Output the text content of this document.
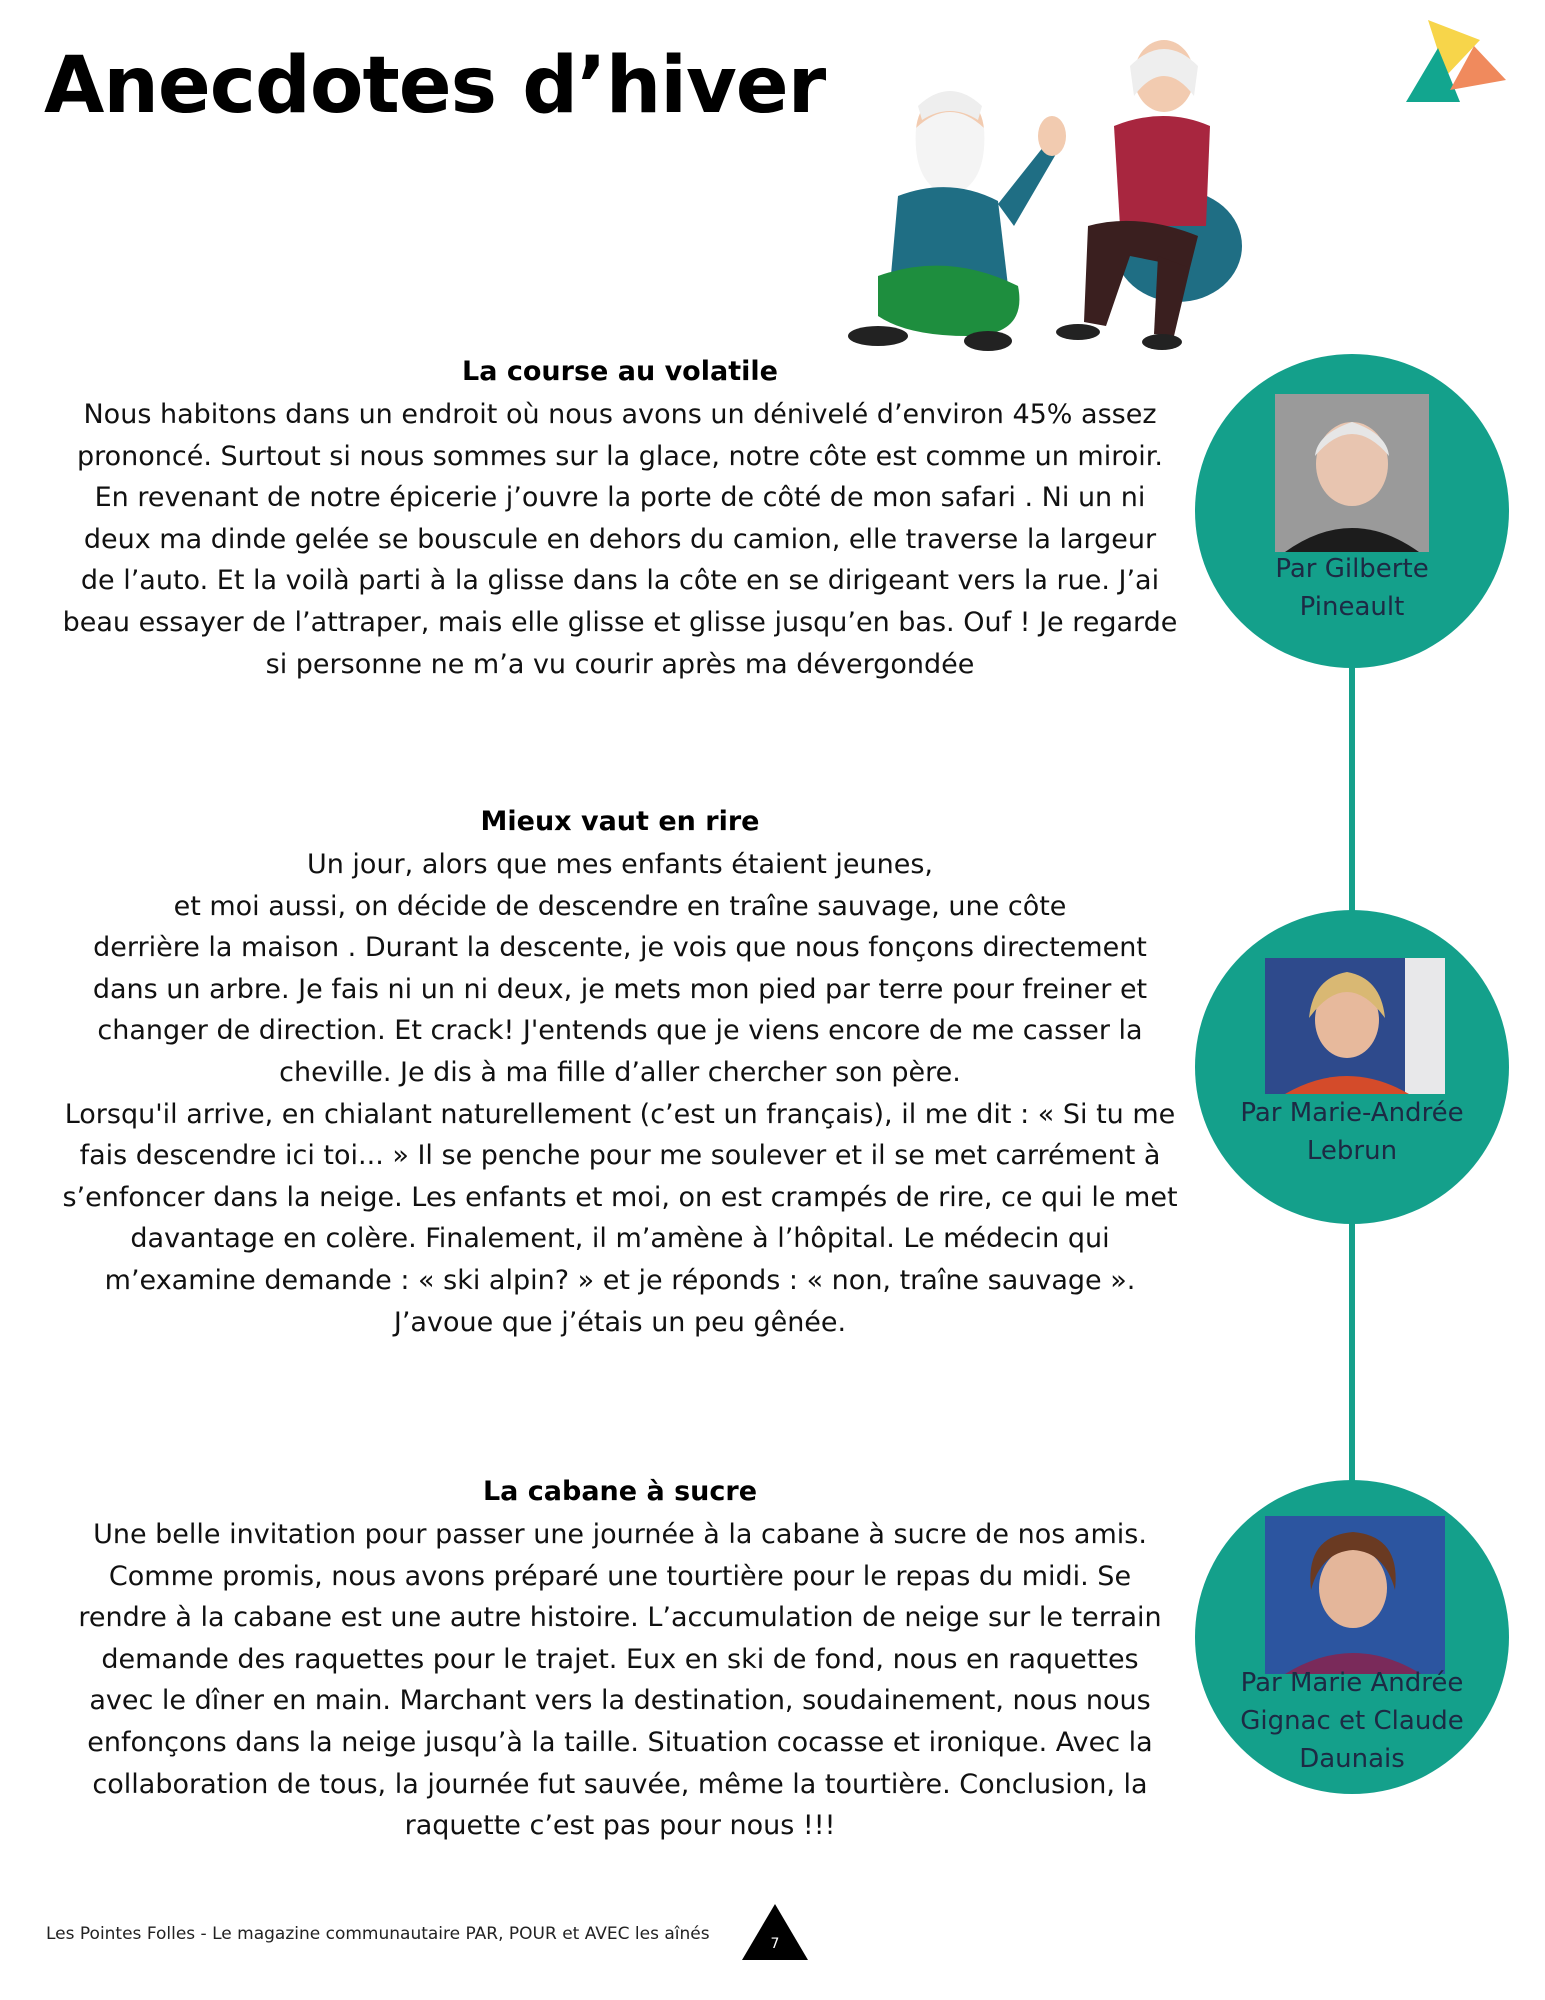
Anecdotes d’hiver
La course au volatile

Nous habitons dans un endroit où nous avons un dénivelé d’environ 45% assez
prononcé. Surtout si nous sommes sur la glace, notre côte est comme un miroir.
En revenant de notre épicerie j’ouvre la porte de côté de mon safari . Ni un ni
deux ma dinde gelée se bouscule en dehors du camion, elle traverse la largeur
de l’auto. Et la voilà parti à la glisse dans la côte en se dirigeant vers la rue. J’ai
beau essayer de l’attraper, mais elle glisse et glisse jusqu’en bas. Ouf ! Je regarde
si personne ne m’a vu courir après ma dévergondée

Mieux vaut en rire

Un jour, alors que mes enfants étaient jeunes,
et moi aussi, on décide de descendre en traîne sauvage, une côte
derrière la maison . Durant la descente, je vois que nous fonçons directement
dans un arbre. Je fais ni un ni deux, je mets mon pied par terre pour freiner et
changer de direction. Et crack! J'entends que je viens encore de me casser la
cheville. Je dis à ma fille d’aller chercher son père.
Lorsqu'il arrive, en chialant naturellement (c’est un français), il me dit : « Si tu me
fais descendre ici toi... » Il se penche pour me soulever et il se met carrément à
s’enfoncer dans la neige. Les enfants et moi, on est crampés de rire, ce qui le met
davantage en colère. Finalement, il m’amène à l’hôpital. Le médecin qui
m’examine demande : « ski alpin? » et je réponds : « non, traîne sauvage ».
J’avoue que j’étais un peu gênée.

La cabane à sucre

Une belle invitation pour passer une journée à la cabane à sucre de nos amis.
Comme promis, nous avons préparé une tourtière pour le repas du midi. Se
rendre à la cabane est une autre histoire. L’accumulation de neige sur le terrain
demande des raquettes pour le trajet. Eux en ski de fond, nous en raquettes
avec le dîner en main. Marchant vers la destination, soudainement, nous nous
enfonçons dans la neige jusqu’à la taille. Situation cocasse et ironique. Avec la
collaboration de tous, la journée fut sauvée, même la tourtière. Conclusion, la
raquette c’est pas pour nous !!!

Par Gilberte
Pineault
Par Marie-Andrée
Lebrun
Par Marie Andrée
Gignac et Claude
Daunais
Les Pointes Folles - Le magazine communautaire PAR, POUR et AVEC les aînés	7
